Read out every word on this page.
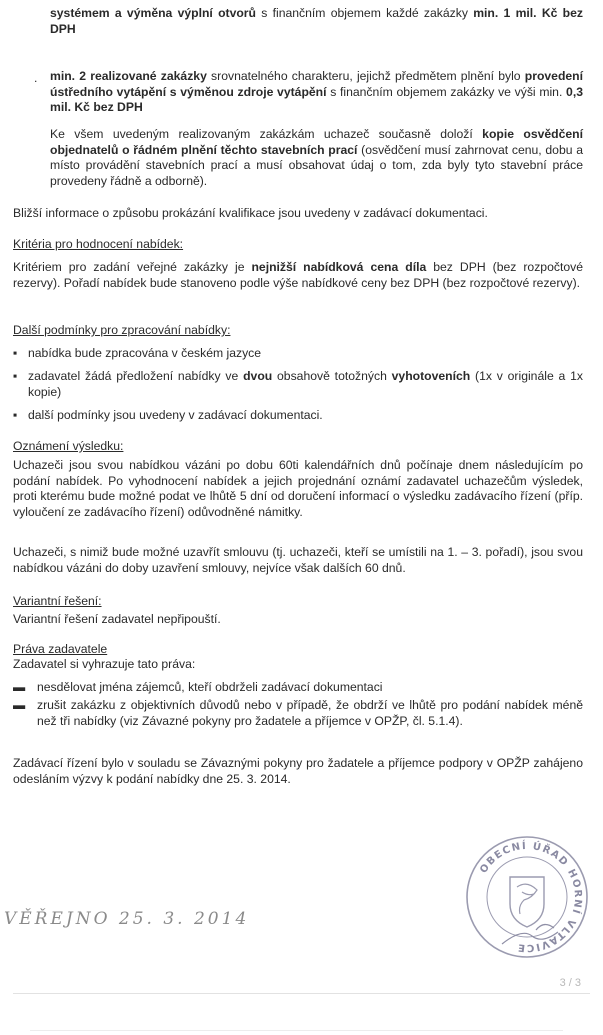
systémem a výměna výplní otvorů s finančním objemem každé zakázky min. 1 mil. Kč bez DPH

. min. 2 realizované zakázky srovnatelného charakteru, jejichž předmětem plnění bylo provedení ústředního vytápění s výměnou zdroje vytápění s finančním objemem zakázky ve výši min. 0,3 mil. Kč bez DPH

Ke všem uvedeným realizovaným zakázkám uchazeč současně doloží kopie osvědčení objednatelů o řádném plnění těchto stavebních prací (osvědčení musí zahrnovat cenu, dobu a místo provádění stavebních prací a musí obsahovat údaj o tom, zda byly tyto stavební práce provedeny řádně a odborně).

Bližší informace o způsobu prokázání kvalifikace jsou uvedeny v zadávací dokumentaci.

Kritéria pro hodnocení nabídek:

Kritériem pro zadání veřejné zakázky je nejnižší nabídková cena díla bez DPH (bez rozpočtové rezervy). Pořadí nabídek bude stanoveno podle výše nabídkové ceny bez DPH (bez rozpočtové rezervy).

Další podmínky pro zpracování nabídky:

▪ nabídka bude zpracována v českém jazyce
▪ zadavatel žádá předložení nabídky ve dvou obsahově totožných vyhotoveních (1x v originále a 1x kopie)
▪ další podmínky jsou uvedeny v zadávací dokumentaci.

Oznámení výsledku:

Uchazeči jsou svou nabídkou vázáni po dobu 60ti kalendářních dnů počínaje dnem následujícím po podání nabídek. Po vyhodnocení nabídek a jejich projednání oznámí zadavatel uchazečům výsledek, proti kterému bude možné podat ve lhůtě 5 dní od doručení informací o výsledku zadávacího řízení (příp. vyloučení ze zadávacího řízení) odůvodněné námitky.

Uchazeči, s nimiž bude možné uzavřít smlouvu (tj. uchazeči, kteří se umístili na 1. – 3. pořadí), jsou svou nabídkou vázáni do doby uzavření smlouvy, nejvíce však dalších 60 dnů.

Variantní řešení:

Variantní řešení zadavatel nepřipouští.

Práva zadavatele

Zadavatel si vyhrazuje tato práva:

▬ nesdělovat jména zájemců, kteří obdrželi zadávací dokumentaci
▬ zrušit zakázku z objektivních důvodů nebo v případě, že obdrží ve lhůtě pro podání nabídek méně než tři nabídky (viz Závazné pokyny pro žadatele a příjemce v OPŽP, čl. 5.1.4).

Zadávací řízení bylo v souladu se Závaznými pokyny pro žadatele a příjemce podpory v OPŽP zahájeno odesláním výzvy k podání nabídky dne 25. 3. 2014.

VĚŘEJNO 25. 3. 2014
OBECNÍ ÚŘAD HORNÍ VLTAVICE
3 / 3
